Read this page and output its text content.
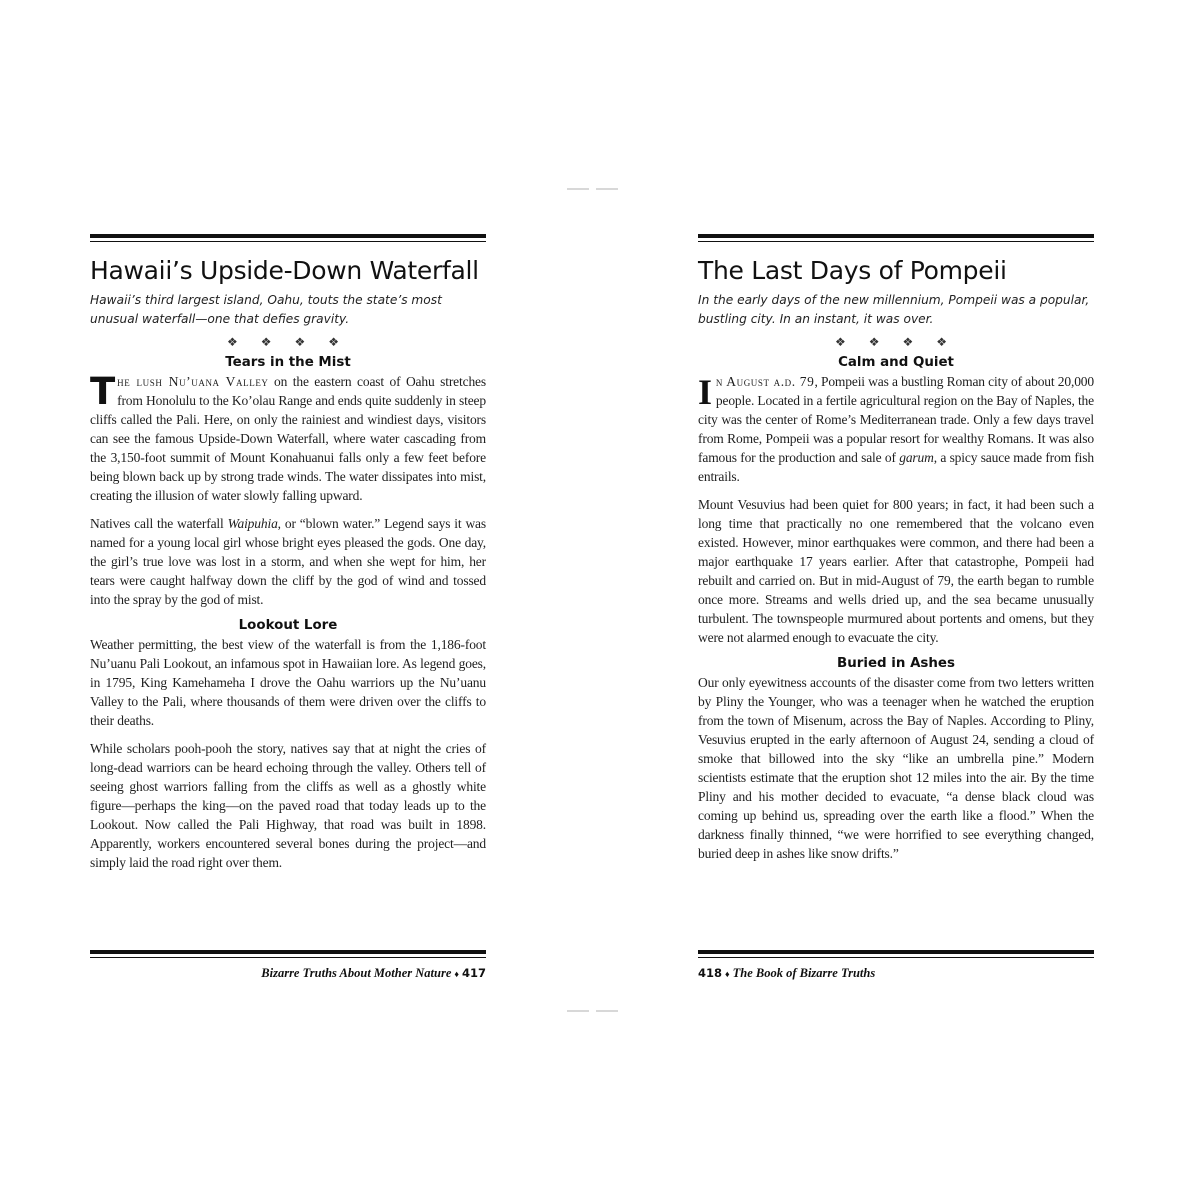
Hawaii’s Upside-Down Waterfall

Hawaii’s third largest island, Oahu, touts the state’s most unusual waterfall—one that defies gravity.

❖ ❖ ❖ ❖
Tears in the Mist

The lush Nu’uana Valley on the eastern coast of Oahu stretches from Honolulu to the Ko’olau Range and ends quite suddenly in steep cliffs called the Pali. Here, on only the rainiest and windiest days, visitors can see the famous Upside-Down Waterfall, where water cascading from the 3,150-foot summit of Mount Konahuanui falls only a few feet before being blown back up by strong trade winds. The water dissipates into mist, creating the illusion of water slowly falling upward.

Natives call the waterfall Waipuhia, or “blown water.” Legend says it was named for a young local girl whose bright eyes pleased the gods. One day, the girl’s true love was lost in a storm, and when she wept for him, her tears were caught halfway down the cliff by the god of wind and tossed into the spray by the god of mist.

Lookout Lore

Weather permitting, the best view of the waterfall is from the 1,186-foot Nu’uanu Pali Lookout, an infamous spot in Hawaiian lore. As legend goes, in 1795, King Kamehameha I drove the Oahu warriors up the Nu’uanu Valley to the Pali, where thousands of them were driven over the cliffs to their deaths.

While scholars pooh-pooh the story, natives say that at night the cries of long-dead warriors can be heard echoing through the valley. Others tell of seeing ghost warriors falling from the cliffs as well as a ghostly white figure—perhaps the king—on the paved road that today leads up to the Lookout. Now called the Pali Highway, that road was built in 1898. Apparently, workers encountered several bones during the project—and simply laid the road right over them.

Bizarre Truths About Mother Nature ♦ 417
The Last Days of Pompeii

In the early days of the new millennium, Pompeii was a popular, bustling city. In an instant, it was over.

❖ ❖ ❖ ❖
Calm and Quiet

In August a.d. 79, Pompeii was a bustling Roman city of about 20,000 people. Located in a fertile agricultural region on the Bay of Naples, the city was the center of Rome’s Mediterranean trade. Only a few days travel from Rome, Pompeii was a popular resort for wealthy Romans. It was also famous for the production and sale of garum, a spicy sauce made from fish entrails.

Mount Vesuvius had been quiet for 800 years; in fact, it had been such a long time that practically no one remembered that the volcano even existed. However, minor earthquakes were common, and there had been a major earthquake 17 years earlier. After that catastrophe, Pompeii had rebuilt and carried on. But in mid-August of 79, the earth began to rumble once more. Streams and wells dried up, and the sea became unusually turbulent. The townspeople murmured about portents and omens, but they were not alarmed enough to evacuate the city.

Buried in Ashes

Our only eyewitness accounts of the disaster come from two letters written by Pliny the Younger, who was a teenager when he watched the eruption from the town of Misenum, across the Bay of Naples. According to Pliny, Vesuvius erupted in the early afternoon of August 24, sending a cloud of smoke that billowed into the sky “like an umbrella pine.” Modern scientists estimate that the eruption shot 12 miles into the air. By the time Pliny and his mother decided to evacuate, “a dense black cloud was coming up behind us, spreading over the earth like a flood.” When the darkness finally thinned, “we were horrified to see everything changed, buried deep in ashes like snow drifts.”

418 ♦ The Book of Bizarre Truths
